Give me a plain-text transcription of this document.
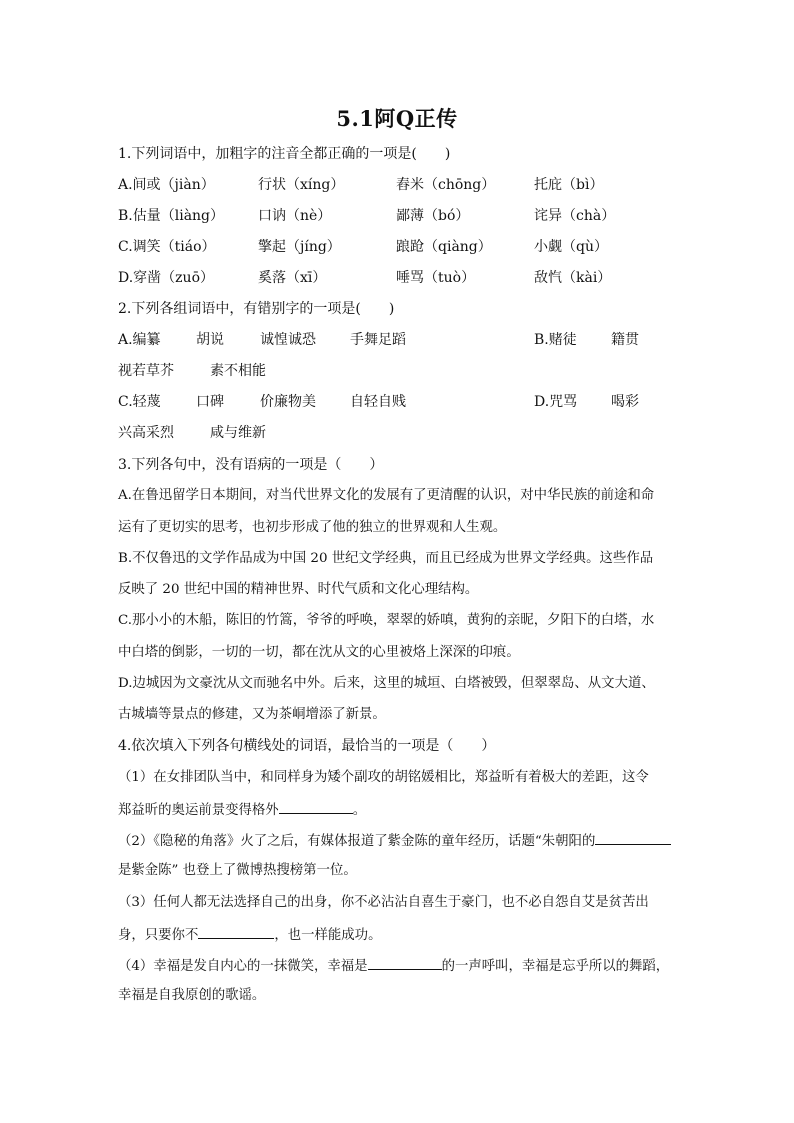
5.1阿Q正传
1.下列词语中，加粗字的注音全都正确的一项是(　　)
A.间或（jiàn）	行状（xíng）	舂米（chōng）	托庇（bì）
B.估量（liàng） 口讷（nè）	鄙薄（bó）	诧异（chà）
C.调笑（tiáo）	擎起（jíng）	踉跄（qiàng）	小觑（qù）
D.穿凿（zuō）	奚落（xī）	唾骂（tuò）	敌忾（kài）
2.下列各组词语中，有错别字的一项是(　　)
A.编纂	胡说	诚惶诚恐 手舞足蹈	B.赌徒 籍贯
视若草芥	素不相能
C.轻蔑	口碑	价廉物美 自轻自贱	D.咒骂 喝彩
兴高采烈	咸与维新
3.下列各句中，没有语病的一项是（　　）
A.在鲁迅留学日本期间，对当代世界文化的发展有了更清醒的认识，对中华民族的前途和命
运有了更切实的思考，也初步形成了他的独立的世界观和人生观。
B.不仅鲁迅的文学作品成为中国 20 世纪文学经典，而且已经成为世界文学经典。这些作品
反映了 20 世纪中国的精神世界、时代气质和文化心理结构。
C.那小小的木船，陈旧的竹篙，爷爷的呼唤，翠翠的娇嗔，黄狗的亲昵，夕阳下的白塔，水
中白塔的倒影，一切的一切，都在沈从文的心里被烙上深深的印痕。
D.边城因为文豪沈从文而驰名中外。后来，这里的城垣、白塔被毁，但翠翠岛、从文大道、
古城墙等景点的修建，又为茶峒增添了新景。
4.依次填入下列各句横线处的词语，最恰当的一项是（　　）
（1）在女排团队当中，和同样身为矮个副攻的胡铭媛相比，郑益昕有着极大的差距，这令
郑益昕的奥运前景变得格外	。
（2）《隐秘的角落》火了之后，有媒体报道了紫金陈的童年经历，话题“朱朝阳的
是紫金陈” 也登上了微博热搜榜第一位。
（3）任何人都无法选择自己的出身，你不必沾沾自喜生于豪门，也不必自怨自艾是贫苦出
身，只要你不	，也一样能成功。
（4）幸福是发自内心的一抹微笑，幸福是	的一声呼叫，幸福是忘乎所以的舞蹈，
幸福是自我原创的歌谣。
